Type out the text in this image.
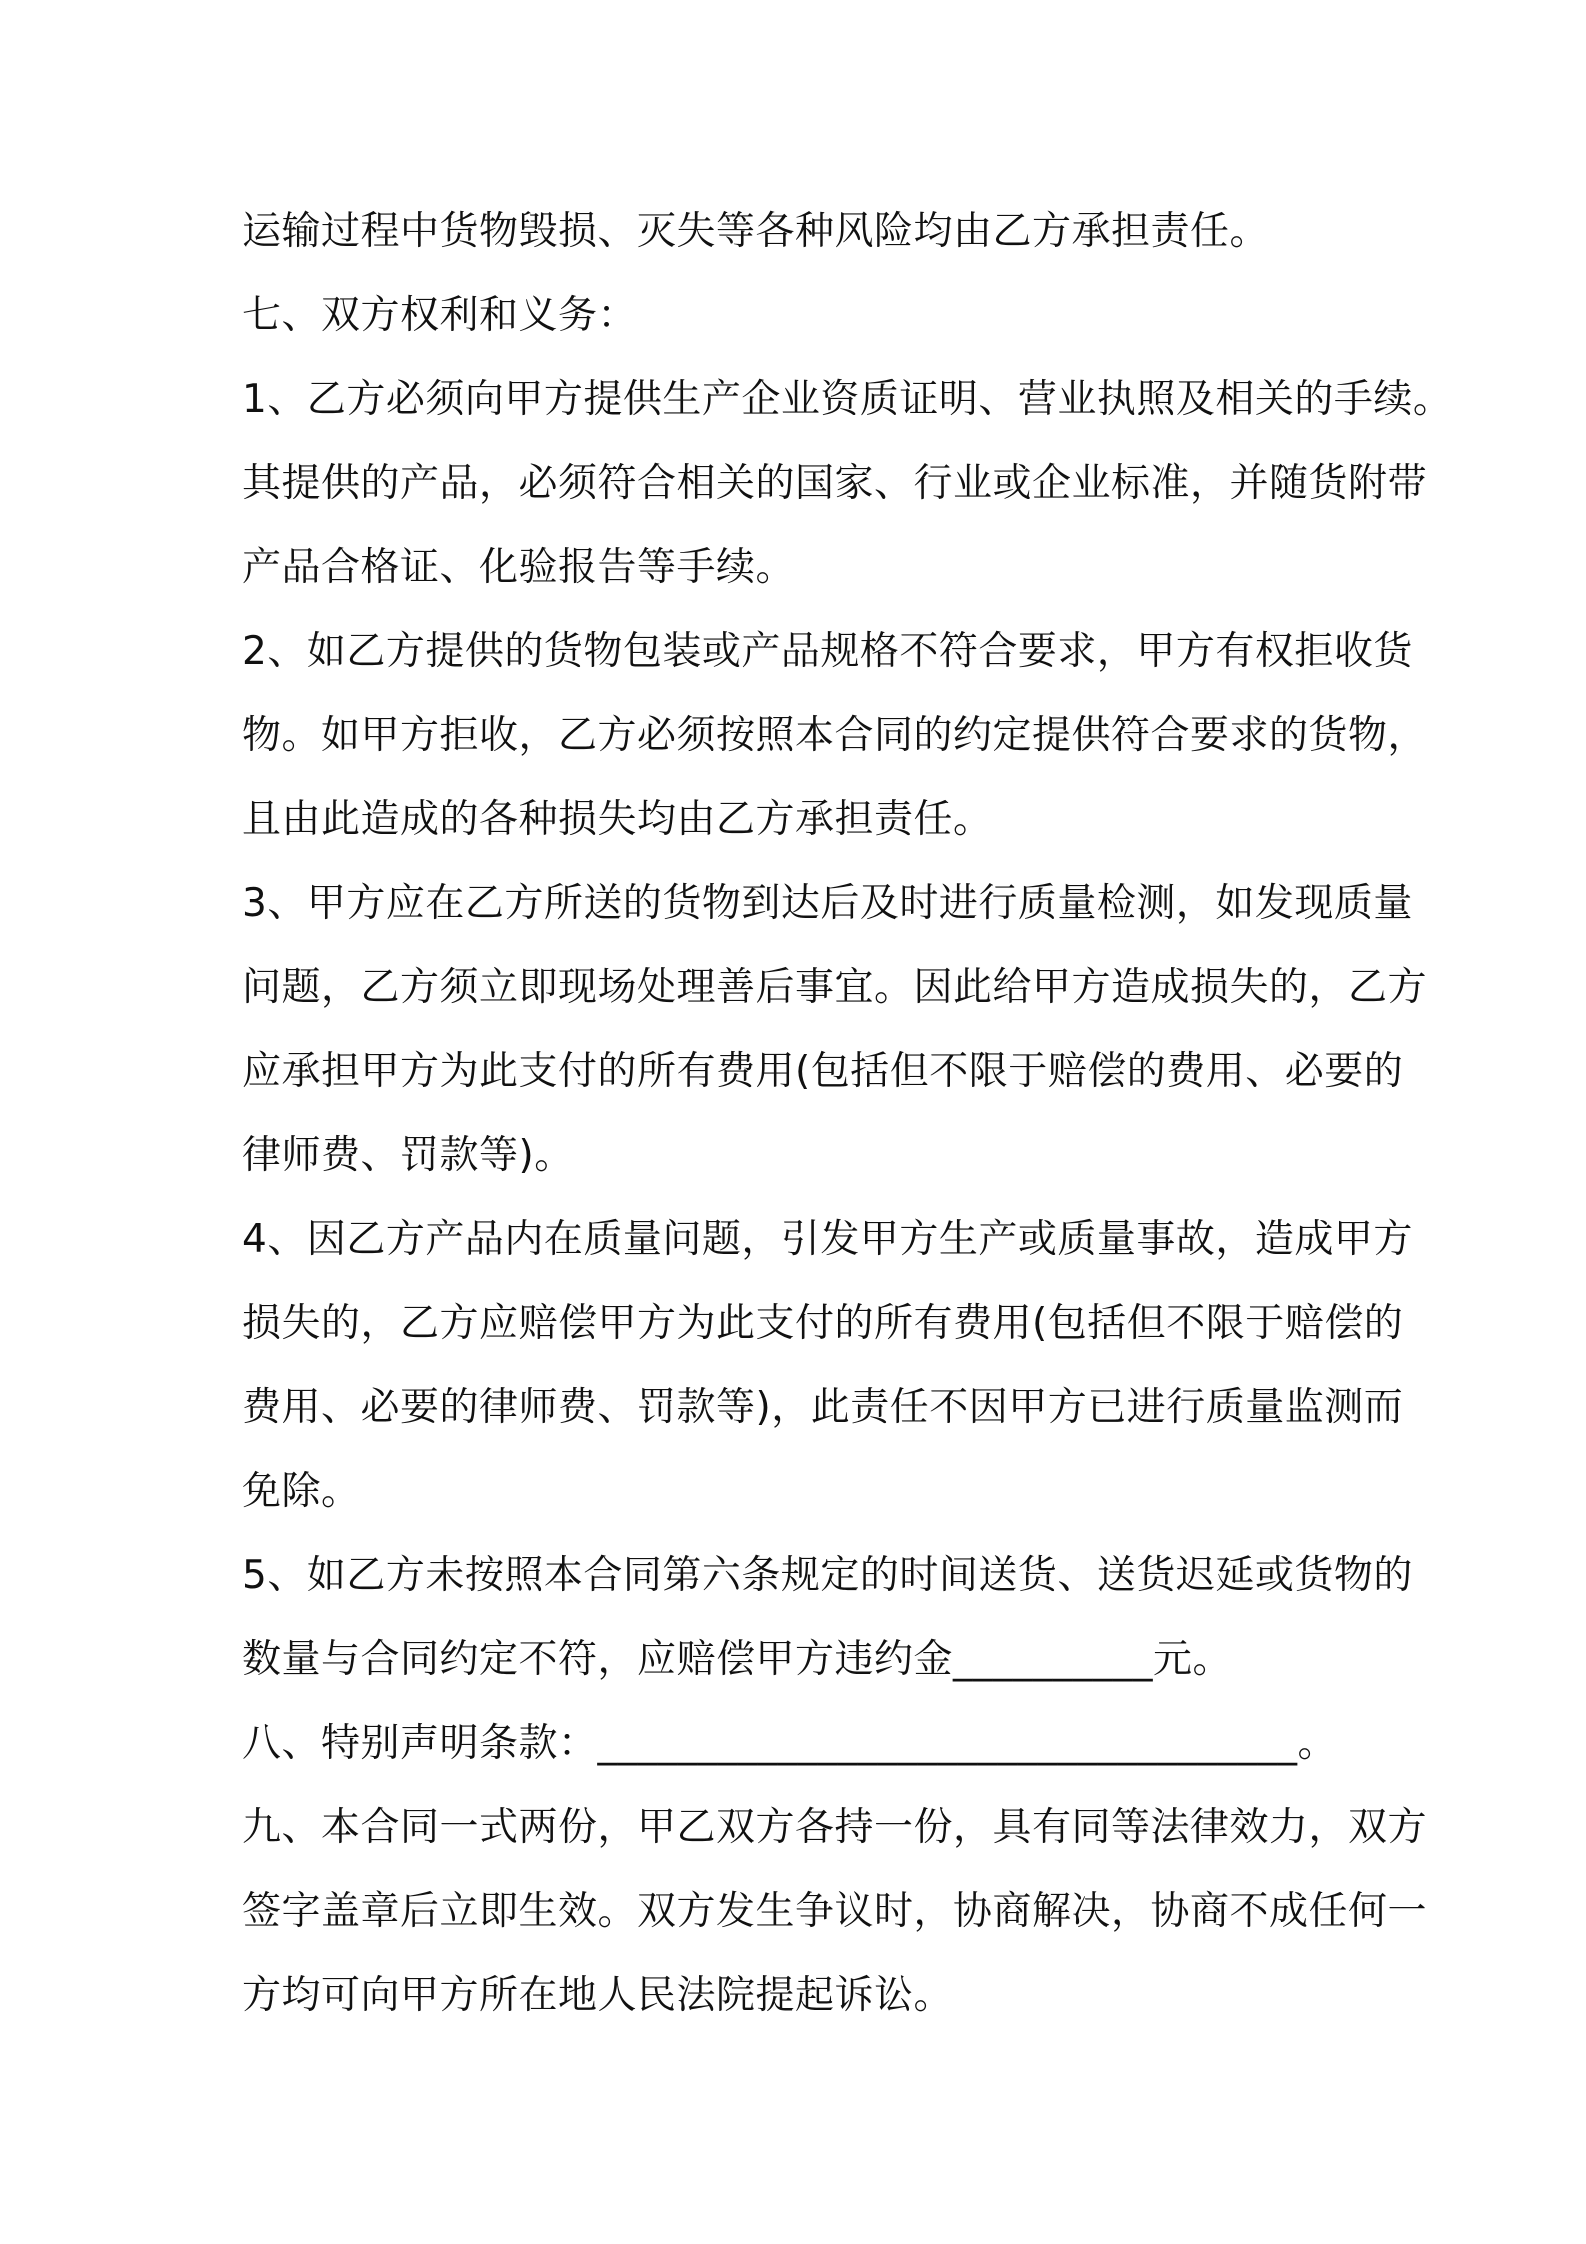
运输过程中货物毁损、灭失等各种风险均由乙方承担责任。
七、双方权利和义务：
1、乙方必须向甲方提供生产企业资质证明、营业执照及相关的手续。
其提供的产品，必须符合相关的国家、行业或企业标准，并随货附带
产品合格证、化验报告等手续。
2、如乙方提供的货物包装或产品规格不符合要求，甲方有权拒收货
物。如甲方拒收，乙方必须按照本合同的约定提供符合要求的货物，
且由此造成的各种损失均由乙方承担责任。
3、甲方应在乙方所送的货物到达后及时进行质量检测，如发现质量
问题，乙方须立即现场处理善后事宜。因此给甲方造成损失的，乙方
应承担甲方为此支付的所有费用(包括但不限于赔偿的费用、必要的
律师费、罚款等)。
4、因乙方产品内在质量问题，引发甲方生产或质量事故，造成甲方
损失的，乙方应赔偿甲方为此支付的所有费用(包括但不限于赔偿的
费用、必要的律师费、罚款等)，此责任不因甲方已进行质量监测而
免除。
5、如乙方未按照本合同第六条规定的时间送货、送货迟延或货物的
数量与合同约定不符，应赔偿甲方违约金__________元。
八、特别声明条款：___________________________________。
九、本合同一式两份，甲乙双方各持一份，具有同等法律效力，双方
签字盖章后立即生效。双方发生争议时，协商解决，协商不成任何一
方均可向甲方所在地人民法院提起诉讼。
